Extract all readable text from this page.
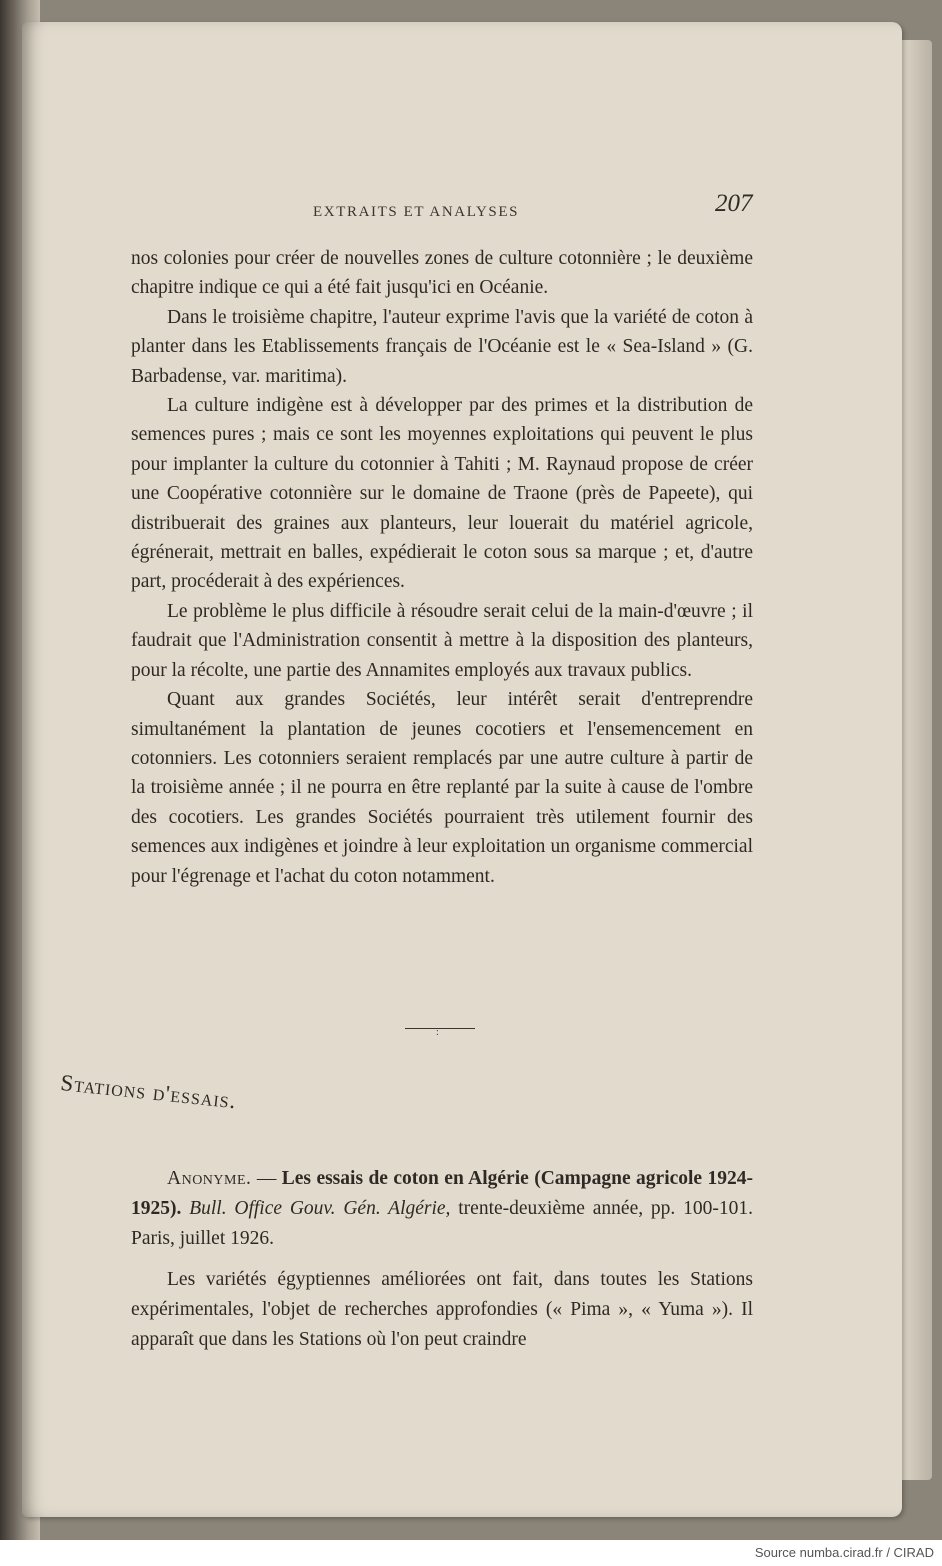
EXTRAITS ET ANALYSES	207

nos colonies pour créer de nouvelles zones de culture cotonnière ; le deuxième chapitre indique ce qui a été fait jusqu'ici en Océanie.

Dans le troisième chapitre, l'auteur exprime l'avis que la variété de coton à planter dans les Etablissements français de l'Océanie est le « Sea-Island » (G. Barbadense, var. maritima).

La culture indigène est à développer par des primes et la distribution de semences pures ; mais ce sont les moyennes exploitations qui peuvent le plus pour implanter la culture du cotonnier à Tahiti ; M. Raynaud propose de créer une Coopérative cotonnière sur le domaine de Traone (près de Papeete), qui distribuerait des graines aux planteurs, leur louerait du matériel agricole, égrénerait, mettrait en balles, expédierait le coton sous sa marque ; et, d'autre part, procéderait à des expériences.

Le problème le plus difficile à résoudre serait celui de la main-d'œuvre ; il faudrait que l'Administration consentit à mettre à la disposition des planteurs, pour la récolte, une partie des Annamites employés aux travaux publics.

Quant aux grandes Sociétés, leur intérêt serait d'entreprendre simultanément la plantation de jeunes cocotiers et l'ensemencement en cotonniers. Les cotonniers seraient remplacés par une autre culture à partir de la troisième année ; il ne pourra en être replanté par la suite à cause de l'ombre des cocotiers. Les grandes Sociétés pourraient très utilement fournir des semences aux indigènes et joindre à leur exploitation un organisme commercial pour l'égrenage et l'achat du coton notamment.

:
Stations d'essais.
Anonyme. — Les essais de coton en Algérie (Campagne agricole 1924-1925). Bull. Office Gouv. Gén. Algérie, trente-deuxième année, pp. 100-101. Paris, juillet 1926.
Les variétés égyptiennes améliorées ont fait, dans toutes les Stations expérimentales, l'objet de recherches approfondies (« Pima », « Yuma »). Il apparaît que dans les Stations où l'on peut craindre
Source numba.cirad.fr / CIRAD
